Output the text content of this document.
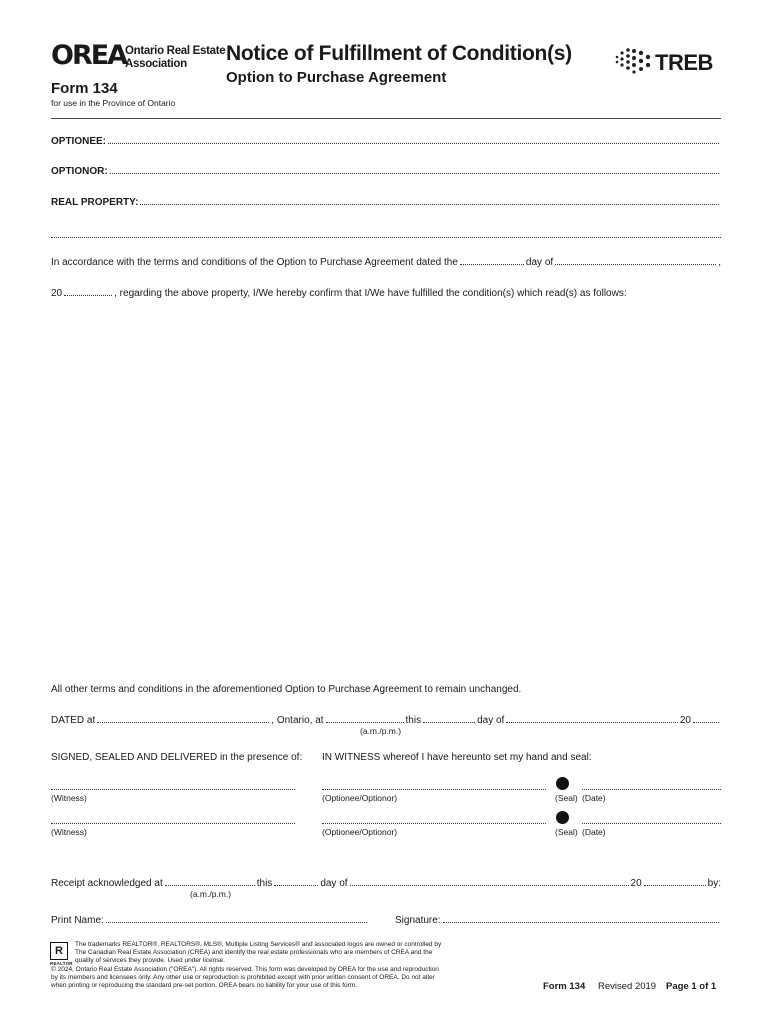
OREA
Ontario Real Estate
Association
Form 134
for use in the Province of Ontario
Notice of Fulfillment of Condition(s)
Option to Purchase Agreement
TREB
OPTIONEE:
OPTIONOR:
REAL PROPERTY:
In accordance with the terms and conditions of the Option to Purchase Agreement dated the	day of	,
20	, regarding the above property, I/We hereby confirm that I/We have fulfilled the condition(s) which read(s) as follows:
All other terms and conditions in the aforementioned Option to Purchase Agreement to remain unchanged.
DATED at	, Ontario, at	this	day of	20
(a.m./p.m.)
SIGNED, SEALED AND DELIVERED in the presence of: IN WITNESS whereof I have hereunto set my hand and seal:
(Witness)	(Optionee/Optionor)	(Seal) (Date)
(Witness)	(Optionee/Optionor)	(Seal) (Date)
Receipt acknowledged at	this	day of	20	by:
(a.m./p.m.)
Print Name:	Signature:
R
REALTOR
The trademarks REALTOR®, REALTORS®, MLS®, Multiple Listing Services® and associated logos are owned or controlled by
The Canadian Real Estate Association (CREA) and identify the real estate professionals who are members of CREA and the
quality of services they provide. Used under license.
© 2024, Ontario Real Estate Association ("OREA"). All rights reserved. This form was developed by OREA for the use and reproduction
by its members and licensees only. Any other use or reproduction is prohibited except with prior written consent of OREA. Do not alter
when printing or reproducing the standard pre-set portion. OREA bears no liability for your use of this form.	Form 134 Revised 2019 Page 1 of 1
